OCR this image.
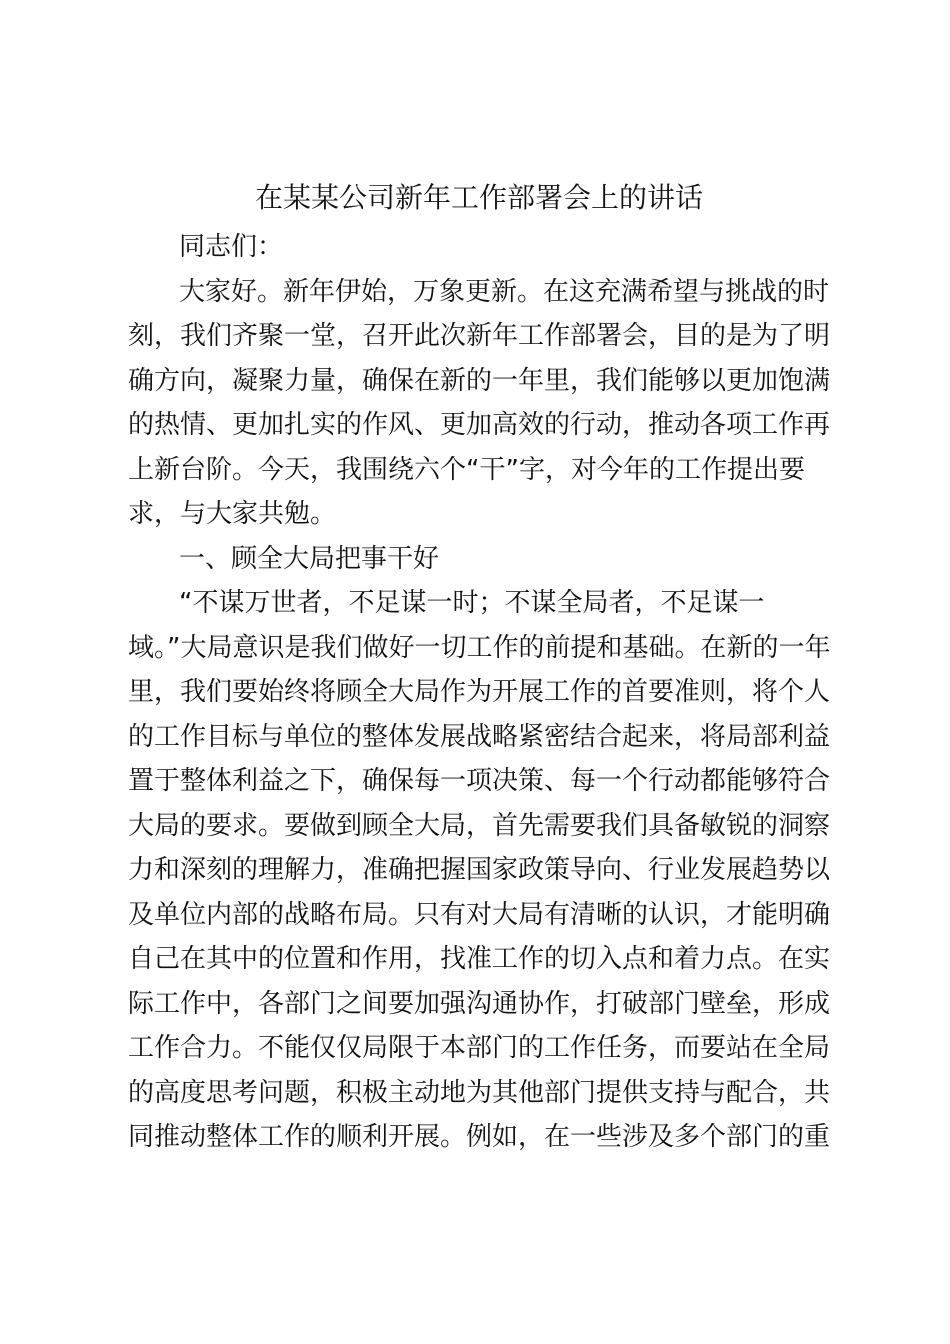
在某某公司新年工作部署会上的讲话

同志们：

大家好。新年伊始，万象更新。在这充满希望与挑战的时
刻，我们齐聚一堂，召开此次新年工作部署会，目的是为了明
确方向，凝聚力量，确保在新的一年里，我们能够以更加饱满
的热情、更加扎实的作风、更加高效的行动，推动各项工作再
上新台阶。今天，我围绕六个“干”字，对今年的工作提出要
求，与大家共勉。

一、顾全大局把事干好

“不谋万世者，不足谋一时；不谋全局者，不足谋一
域。”大局意识是我们做好一切工作的前提和基础。在新的一年
里，我们要始终将顾全大局作为开展工作的首要准则，将个人
的工作目标与单位的整体发展战略紧密结合起来，将局部利益
置于整体利益之下，确保每一项决策、每一个行动都能够符合
大局的要求。要做到顾全大局，首先需要我们具备敏锐的洞察
力和深刻的理解力，准确把握国家政策导向、行业发展趋势以
及单位内部的战略布局。只有对大局有清晰的认识，才能明确
自己在其中的位置和作用，找准工作的切入点和着力点。在实
际工作中，各部门之间要加强沟通协作，打破部门壁垒，形成
工作合力。不能仅仅局限于本部门的工作任务，而要站在全局
的高度思考问题，积极主动地为其他部门提供支持与配合，共
同推动整体工作的顺利开展。例如，在一些涉及多个部门的重
